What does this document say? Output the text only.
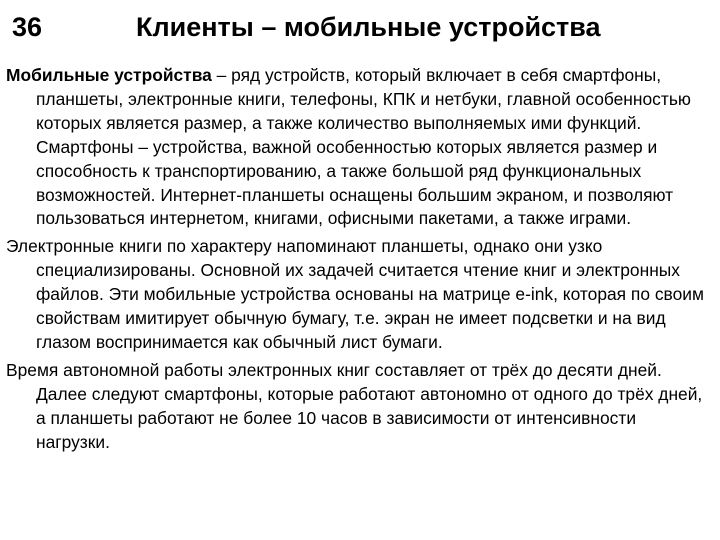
36	Клиенты – мобильные устройства

Мобильные устройства – ряд устройств, который включает в себя смартфоны, планшеты, электронные книги, телефоны, КПК и нетбуки, главной особенностью которых является размер, а также количество выполняемых ими функций. Смартфоны – устройства, важной особенностью которых является размер и способность к транспортированию, а также большой ряд функциональных возможностей. Интернет-планшеты оснащены большим экраном, и позволяют пользоваться интернетом, книгами, офисными пакетами, а также играми.

Электронные книги по характеру напоминают планшеты, однако они узко специализированы. Основной их задачей считается чтение книг и электронных файлов. Эти мобильные устройства основаны на матрице e-ink, которая по своим свойствам имитирует обычную бумагу, т.е. экран не имеет подсветки и на вид глазом воспринимается как обычный лист бумаги.

Время автономной работы электронных книг составляет от трёх до десяти дней. Далее следуют смартфоны, которые работают автономно от одного до трёх дней, а планшеты работают не более 10 часов в зависимости от интенсивности нагрузки.
